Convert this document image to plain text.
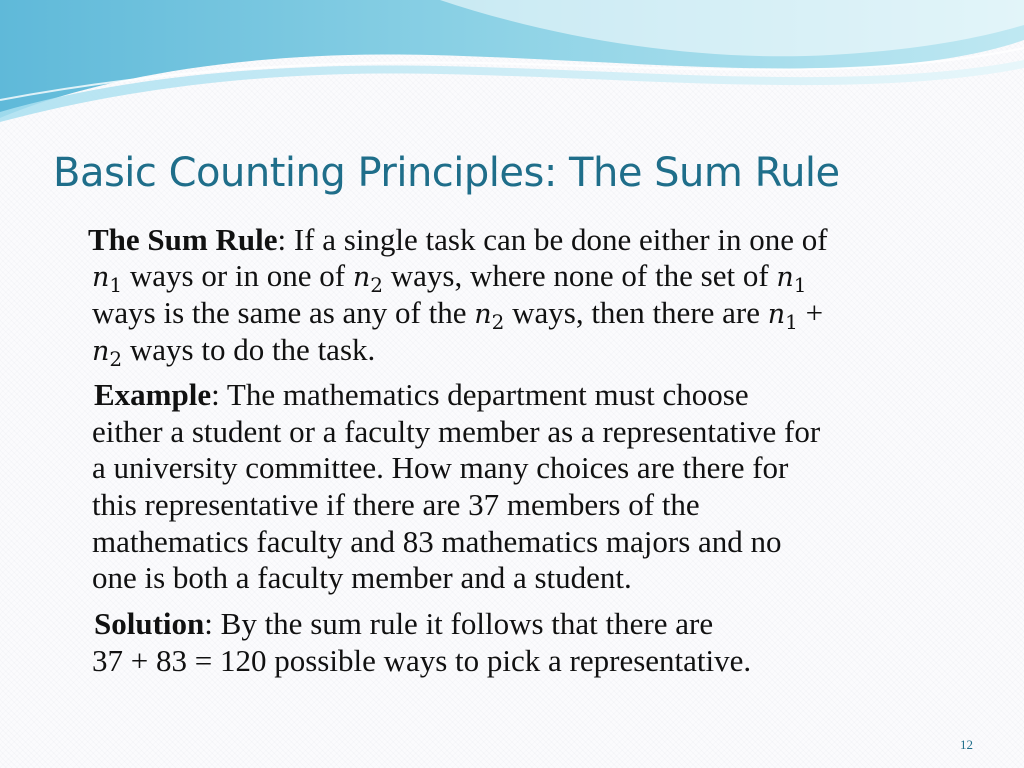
Basic Counting Principles: The Sum Rule
The Sum Rule: If a single task can be done either in one of
$n_1$ ways or in one of $n_2$ ways, where none of the set of $n_1$
ways is the same as any of the $n_2$ ways, then there are $n_1$ +
$n_2$ ways to do the task.
Example: The mathematics department must choose
either a student or a faculty member as a representative for
a university committee. How many choices are there for
this representative if there are 37 members of the
mathematics faculty and 83 mathematics majors and no
one is both a faculty member and a student.
Solution: By the sum rule it follows that there are
37 + 83 = 120 possible ways to pick a representative.
12
